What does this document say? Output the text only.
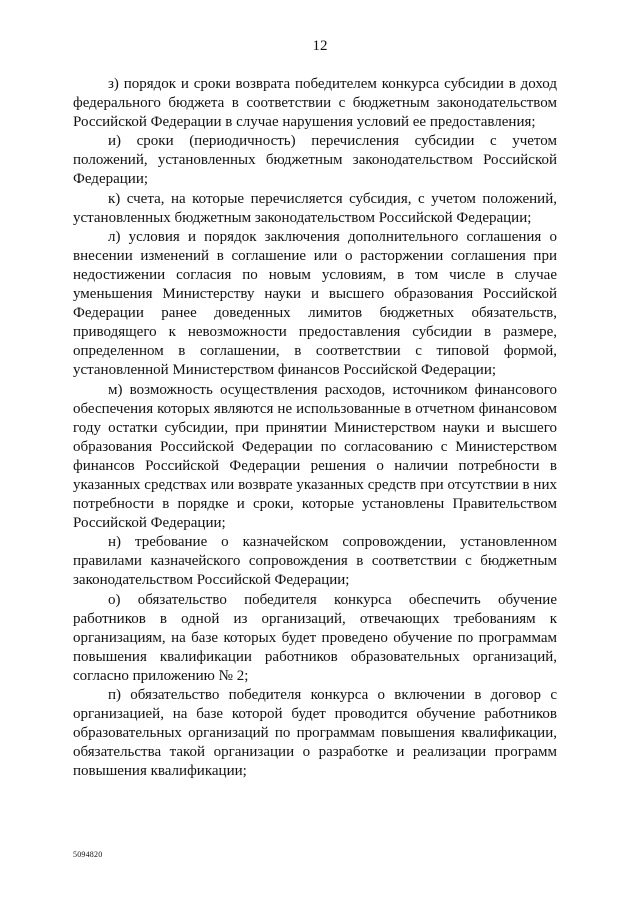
12

з) порядок и сроки возврата победителем конкурса субсидии в доход федерального бюджета в соответствии с бюджетным законодательством Российской Федерации в случае нарушения условий ее предоставления;

и) сроки (периодичность) перечисления субсидии с учетом положений, установленных бюджетным законодательством Российской Федерации;

к) счета, на которые перечисляется субсидия, с учетом положений, установленных бюджетным законодательством Российской Федерации;

л) условия и порядок заключения дополнительного соглашения о внесении изменений в соглашение или о расторжении соглашения при недостижении согласия по новым условиям, в том числе в случае уменьшения Министерству науки и высшего образования Российской Федерации ранее доведенных лимитов бюджетных обязательств, приводящего к невозможности предоставления субсидии в размере, определенном в соглашении, в соответствии с типовой формой, установленной Министерством финансов Российской Федерации;

м) возможность осуществления расходов, источником финансового обеспечения которых являются не использованные в отчетном финансовом году остатки субсидии, при принятии Министерством науки и высшего образования Российской Федерации по согласованию с Министерством финансов Российской Федерации решения о наличии потребности в указанных средствах или возврате указанных средств при отсутствии в них потребности в порядке и сроки, которые установлены Правительством Российской Федерации;

н) требование о казначейском сопровождении, установленном правилами казначейского сопровождения в соответствии с бюджетным законодательством Российской Федерации;

о) обязательство победителя конкурса обеспечить обучение работников в одной из организаций, отвечающих требованиям к организациям, на базе которых будет проведено обучение по программам повышения квалификации работников образовательных организаций, согласно приложению № 2;

п) обязательство победителя конкурса о включении в договор с организацией, на базе которой будет проводится обучение работников образовательных организаций по программам повышения квалификации, обязательства такой организации о разработке и реализации программ повышения квалификации;

5094820
